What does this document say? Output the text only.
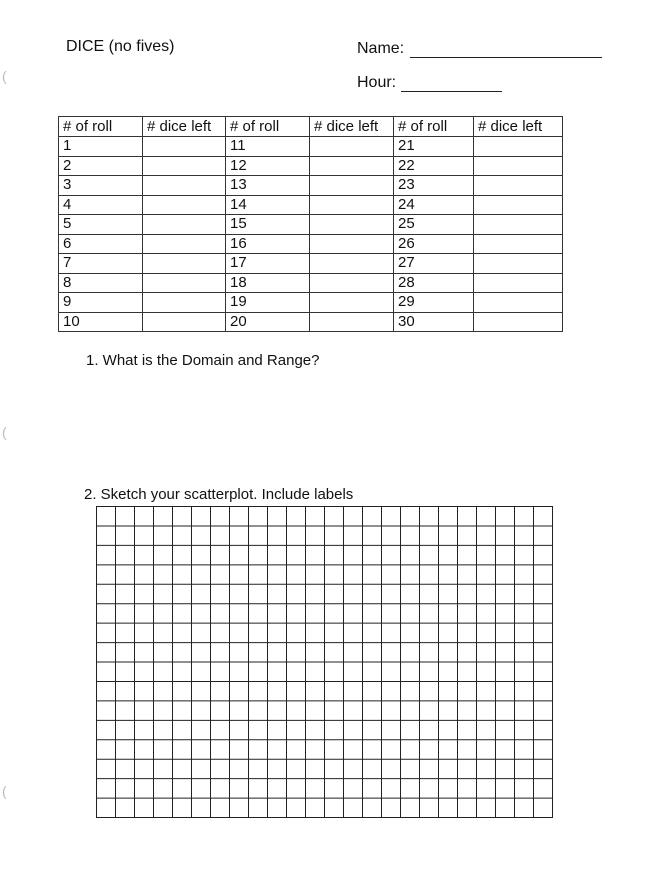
DICE (no fives)	Name:
Hour:
(
(
(
# of roll	# dice left	# of roll	# dice left	# of roll	# dice left
1		11		21	
2		12		22	
3		13		23	
4		14		24	
5		15		25	
6		16		26	
7		17		27	
8		18		28	
9		19		29	
10		20		30	
1. What is the Domain and Range?
2. Sketch your scatterplot. Include labels
